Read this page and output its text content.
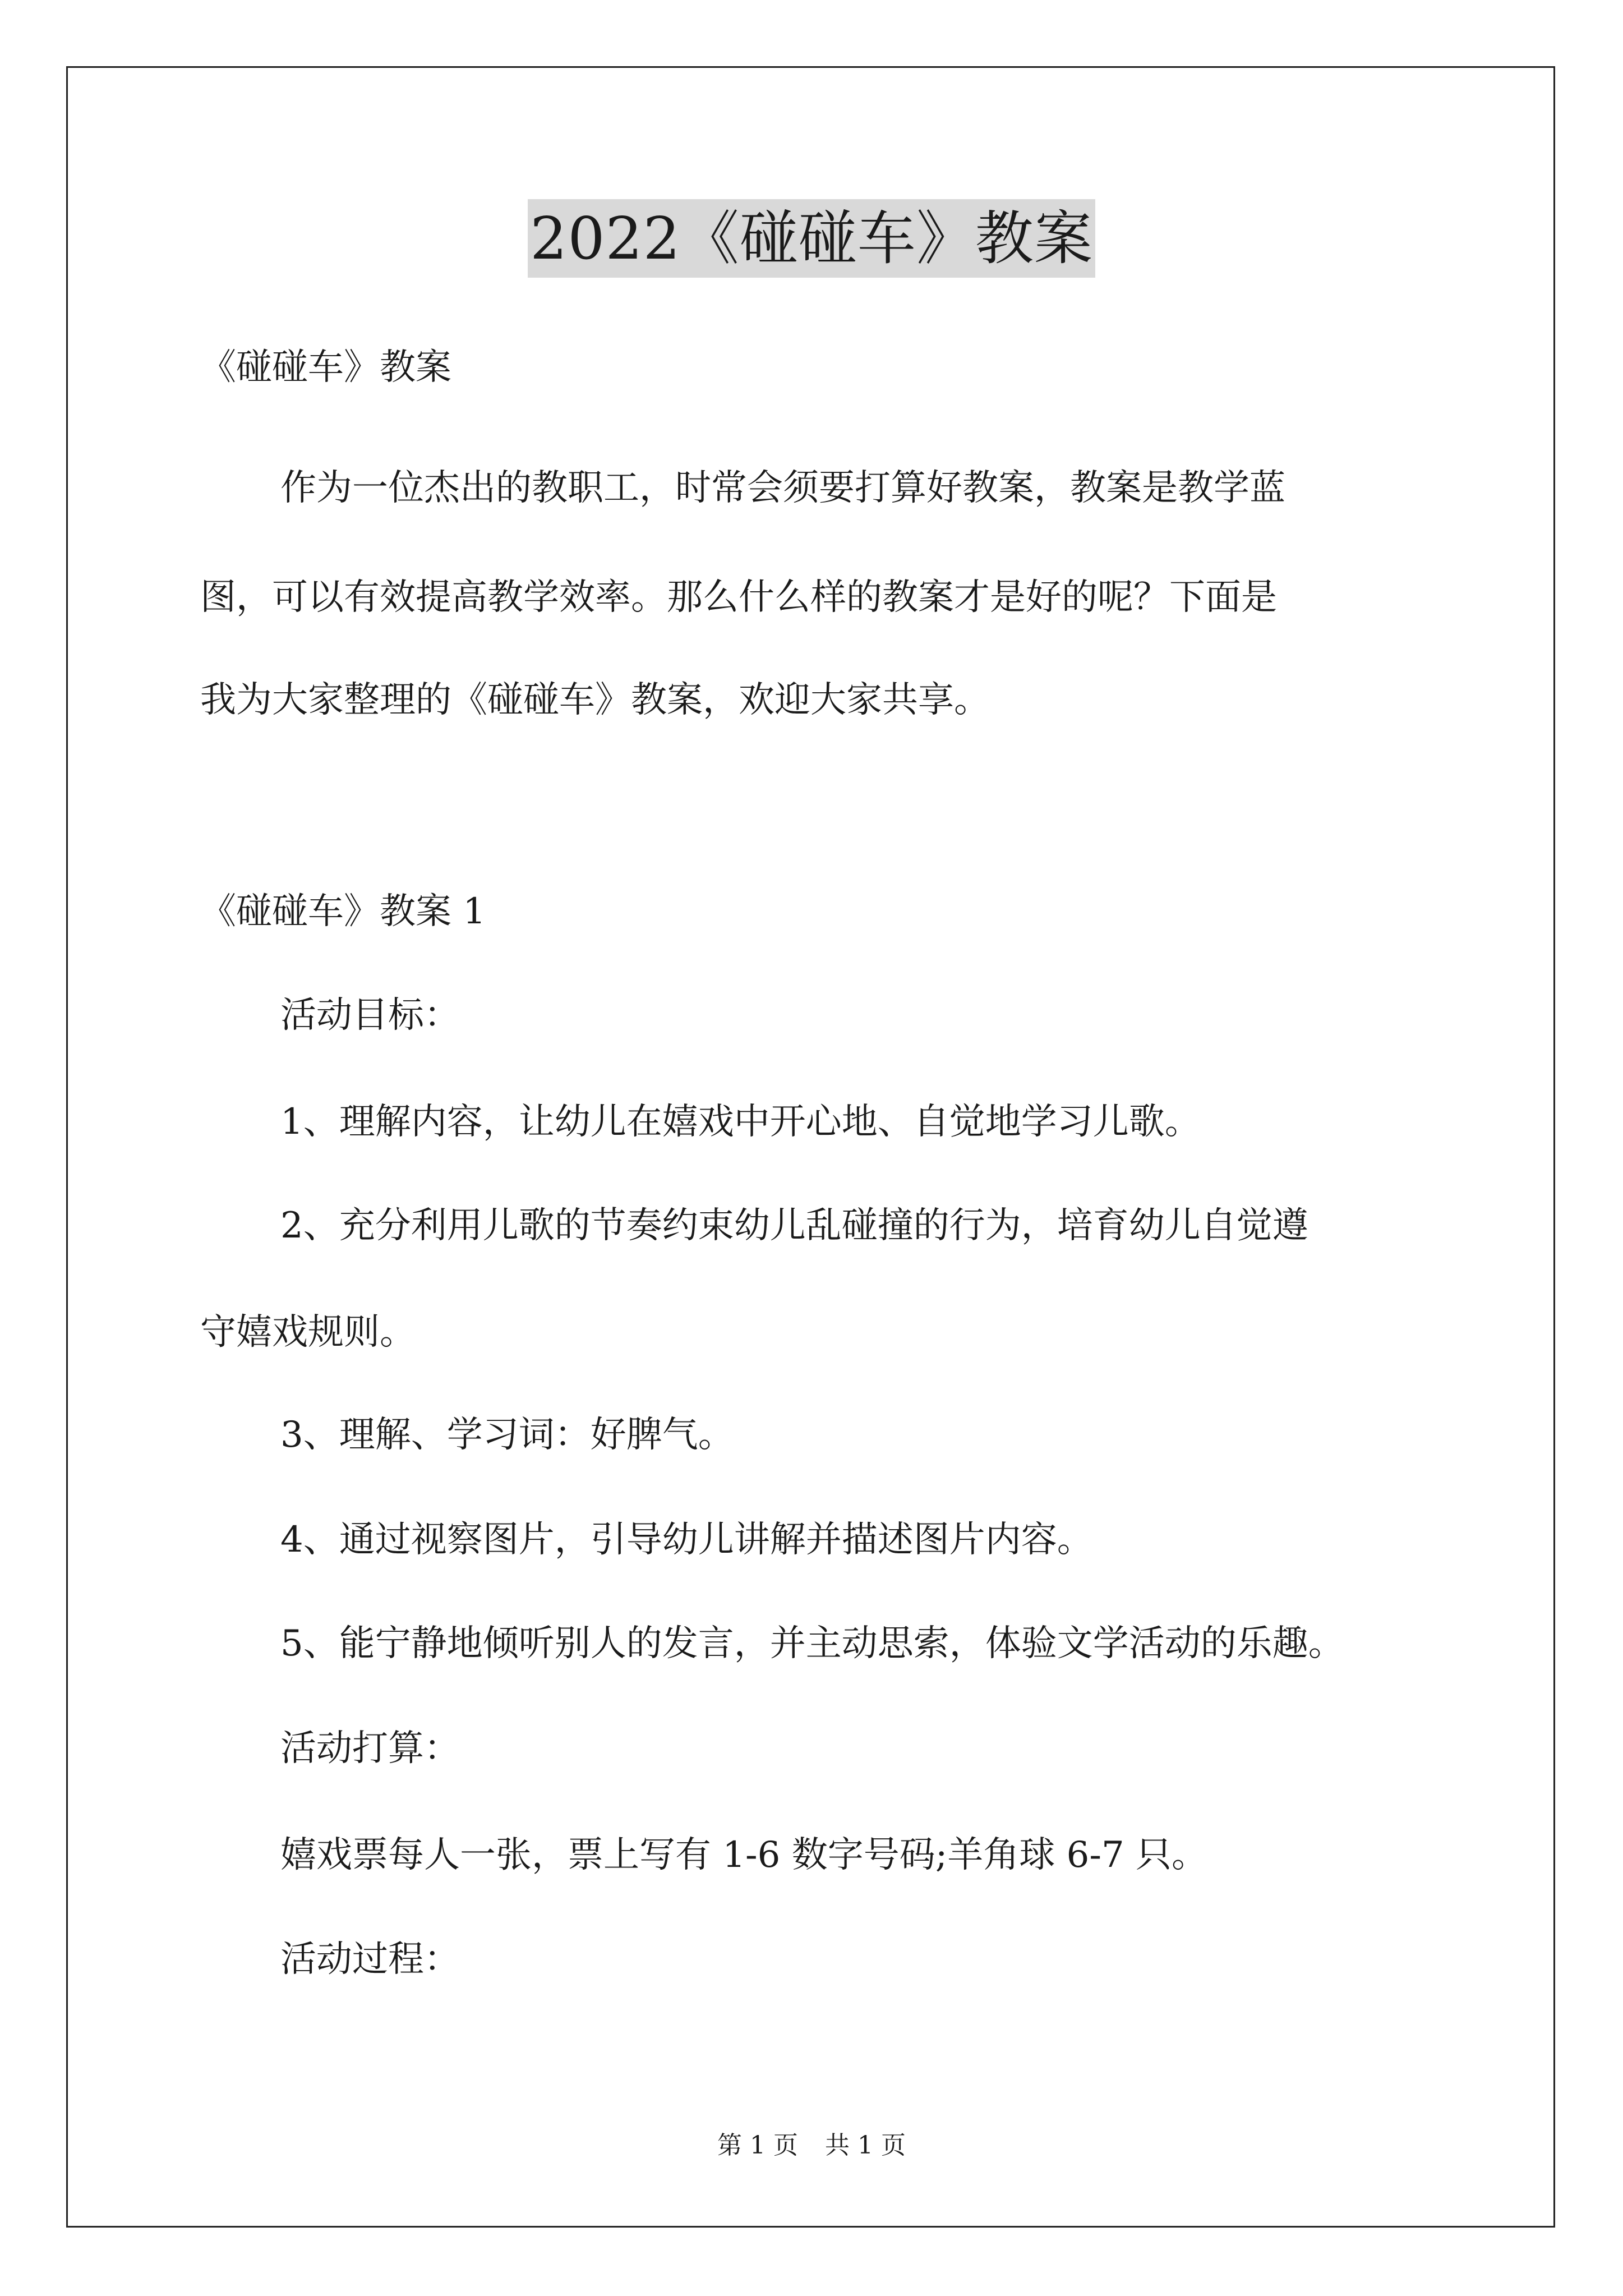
2022《碰碰车》教案
《碰碰车》教案
作为一位杰出的教职工，时常会须要打算好教案，教案是教学蓝
图，可以有效提高教学效率。那么什么样的教案才是好的呢？下面是
我为大家整理的《碰碰车》教案，欢迎大家共享。
《碰碰车》教案 1
活动目标：
1、理解内容，让幼儿在嬉戏中开心地、自觉地学习儿歌。
2、充分利用儿歌的节奏约束幼儿乱碰撞的行为，培育幼儿自觉遵
守嬉戏规则。
3、理解、学习词：好脾气。
4、通过视察图片，引导幼儿讲解并描述图片内容。
5、能宁静地倾听别人的发言，并主动思索，体验文学活动的乐趣。
活动打算：
嬉戏票每人一张，票上写有 1-6 数字号码;羊角球 6-7 只。
活动过程：
第 1 页 共 1 页
